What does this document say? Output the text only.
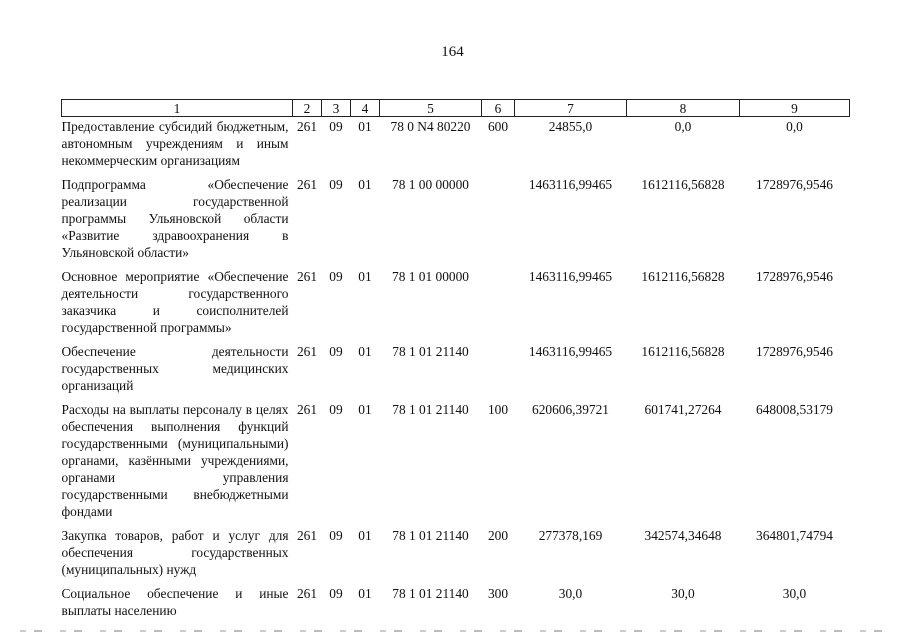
164
1	2	3	4	5	6	7	8	9
Предоставление субсидий бюджетным, автономным учреждениям и иным некоммерческим организациям	261	09	01	78 0 N4 80220	600	24855,0	0,0	0,0
Подпрограмма «Обеспечение реализации государственной программы Ульяновской области «Развитие здравоохранения в Ульяновской области»	261	09	01	78 1 00 00000		1463116,99465	1612116,56828	1728976,9546
Основное мероприятие «Обеспечение деятельности государственного заказчика и соисполнителей государственной программы»	261	09	01	78 1 01 00000		1463116,99465	1612116,56828	1728976,9546
Обеспечение деятельности государственных медицинских организаций	261	09	01	78 1 01 21140		1463116,99465	1612116,56828	1728976,9546
Расходы на выплаты персоналу в целях обеспечения выполнения функций государственными (муниципальными) органами, казёнными учреждениями, органами управления государственными внебюджетными фондами	261	09	01	78 1 01 21140	100	620606,39721	601741,27264	648008,53179
Закупка товаров, работ и услуг для обеспечения государственных (муниципальных) нужд	261	09	01	78 1 01 21140	200	277378,169	342574,34648	364801,74794
Социальное обеспечение и иные выплаты населению	261	09	01	78 1 01 21140	300	30,0	30,0	30,0
